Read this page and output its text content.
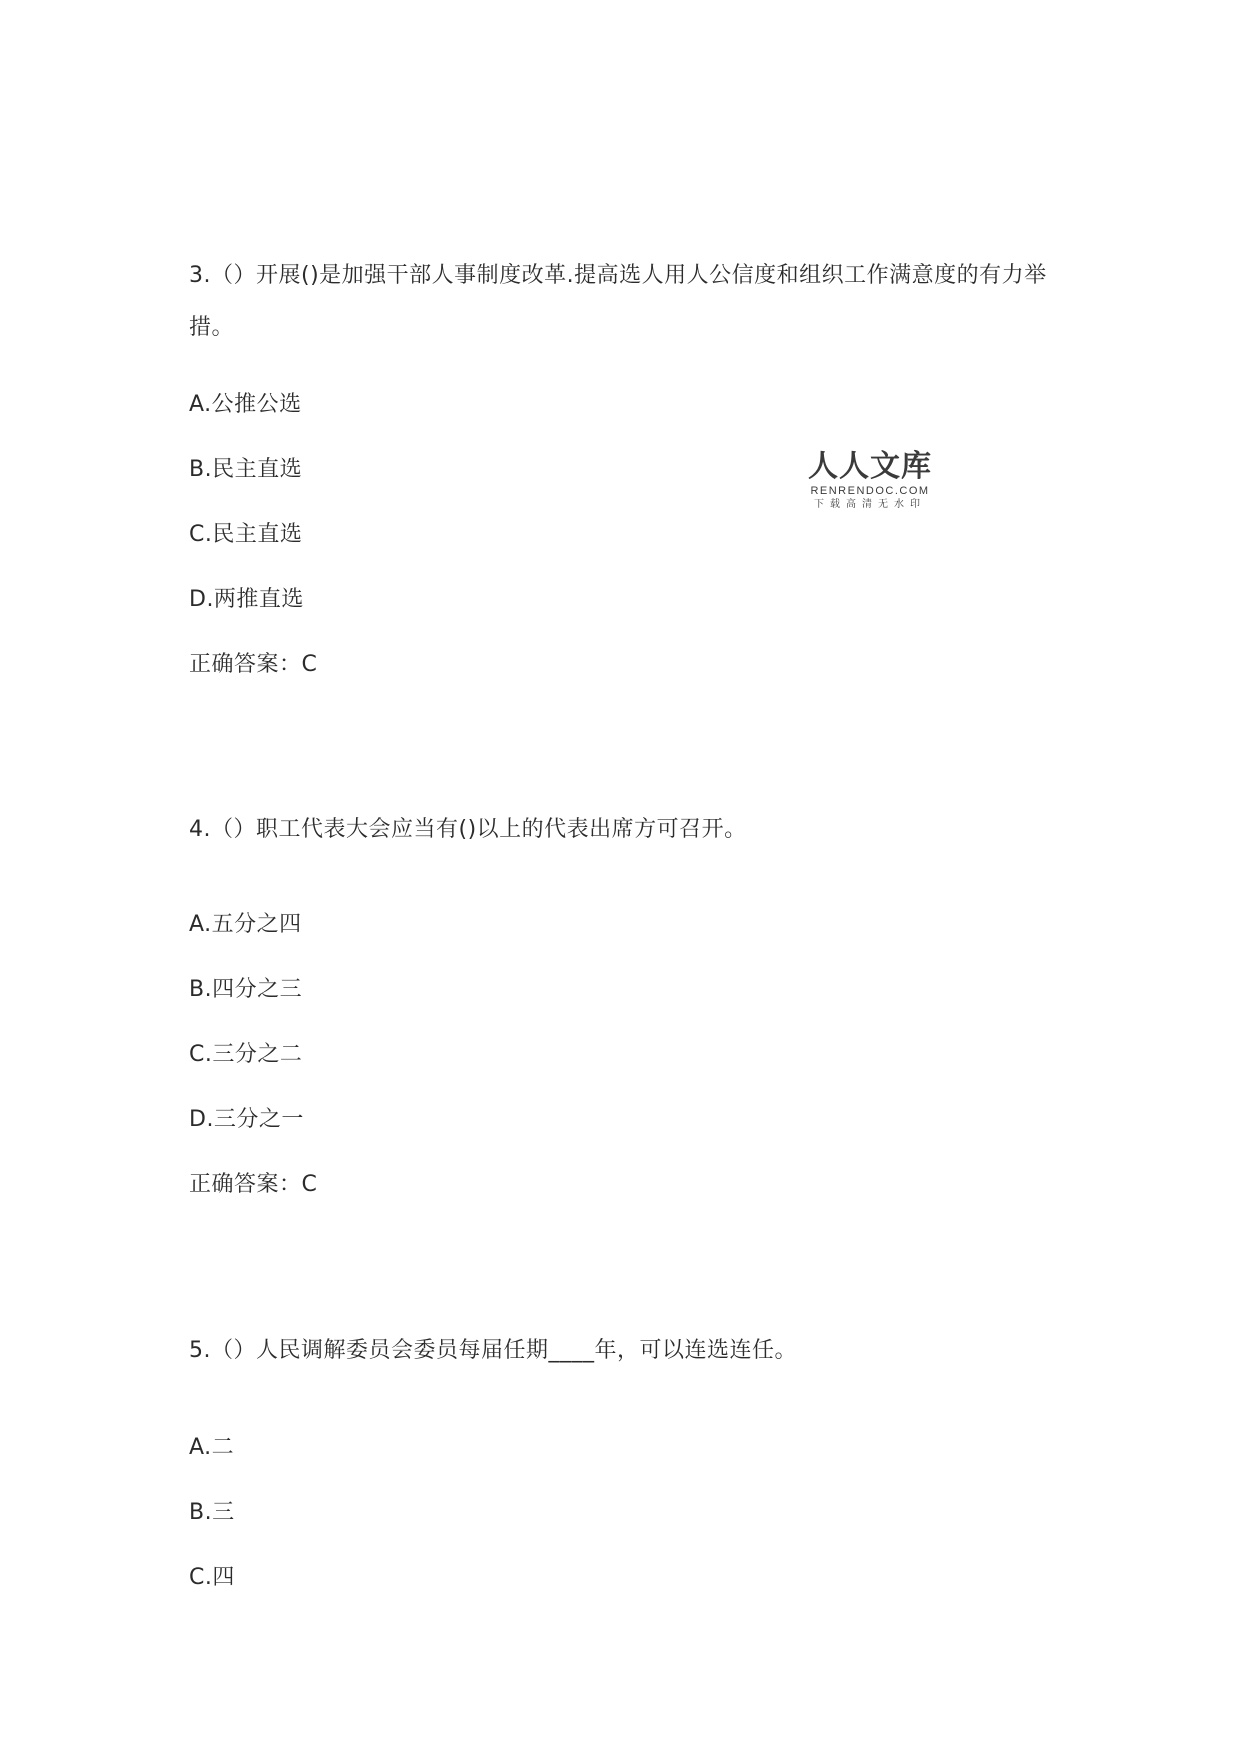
3.（）开展()是加强干部人事制度改革.提高选人用人公信度和组织工作满意度的有力举
措。
A.公推公选
B.民主直选
C.民主直选
D.两推直选
正确答案：C
4.（）职工代表大会应当有()以上的代表出席方可召开。
A.五分之四
B.四分之三
C.三分之二
D.三分之一
正确答案：C
5.（）人民调解委员会委员每届任期____年，可以连选连任。
A.二
B.三
C.四
人人文库
RENRENDOC.COM
下载高清无水印
